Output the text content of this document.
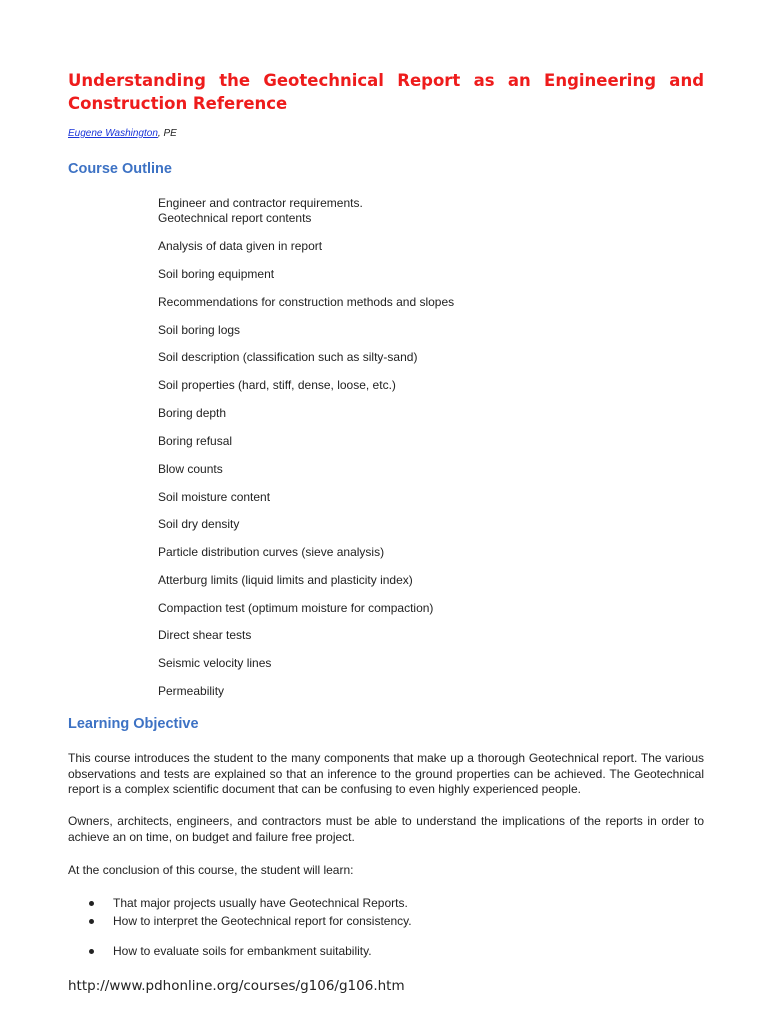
Understanding the Geotechnical Report as an Engineering and Construction Reference
Eugene Washington, PE
Course Outline
Engineer and contractor requirements.
Geotechnical report contents
Analysis of data given in report
Soil boring equipment
Recommendations for construction methods and slopes
Soil boring logs
Soil description (classification such as silty-sand)
Soil properties (hard, stiff, dense, loose, etc.)
Boring depth
Boring refusal
Blow counts
Soil moisture content
Soil dry density
Particle distribution curves (sieve analysis)
Atterburg limits (liquid limits and plasticity index)
Compaction test (optimum moisture for compaction)
Direct shear tests
Seismic velocity lines
Permeability
Learning Objective

This course introduces the student to the many components that make up a thorough Geotechnical report. The various observations and tests are explained so that an inference to the ground properties can be achieved. The Geotechnical report is a complex scientific document that can be confusing to even highly experienced people.

Owners, architects, engineers, and contractors must be able to understand the implications of the reports in order to achieve an on time, on budget and failure free project.

At the conclusion of this course, the student will learn:

That major projects usually have Geotechnical Reports.
How to interpret the Geotechnical report for consistency.
How to evaluate soils for embankment suitability.
http://www.pdhonline.org/courses/g106/g106.htm
